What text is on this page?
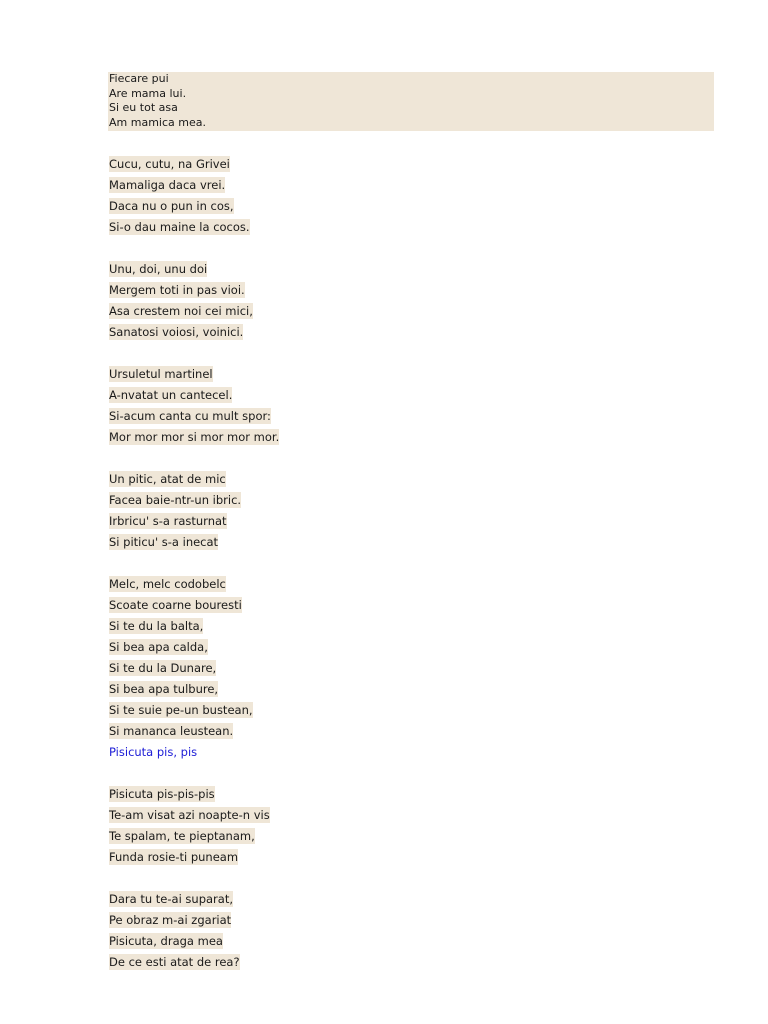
Fiecare pui
Are mama lui.
Si eu tot asa
Am mamica mea.
Cucu, cutu, na Grivei
Mamaliga daca vrei.
Daca nu o pun in cos,
Si-o dau maine la cocos.
Unu, doi, unu doi
Mergem toti in pas vioi.
Asa crestem noi cei mici,
Sanatosi voiosi, voinici.
Ursuletul martinel
A-nvatat un cantecel.
Si-acum canta cu mult spor:
Mor mor mor si mor mor mor.
Un pitic, atat de mic
Facea baie-ntr-un ibric.
Irbricu' s-a rasturnat
Si piticu' s-a inecat
Melc, melc codobelc
Scoate coarne bouresti
Si te du la balta,
Si bea apa calda,
Si te du la Dunare,
Si bea apa tulbure,
Si te suie pe-un bustean,
Si mananca leustean.
Pisicuta pis, pis
Pisicuta pis-pis-pis
Te-am visat azi noapte-n vis
Te spalam, te pieptanam,
Funda rosie-ti puneam
Dara tu te-ai suparat,
Pe obraz m-ai zgariat
Pisicuta, draga mea
De ce esti atat de rea?
